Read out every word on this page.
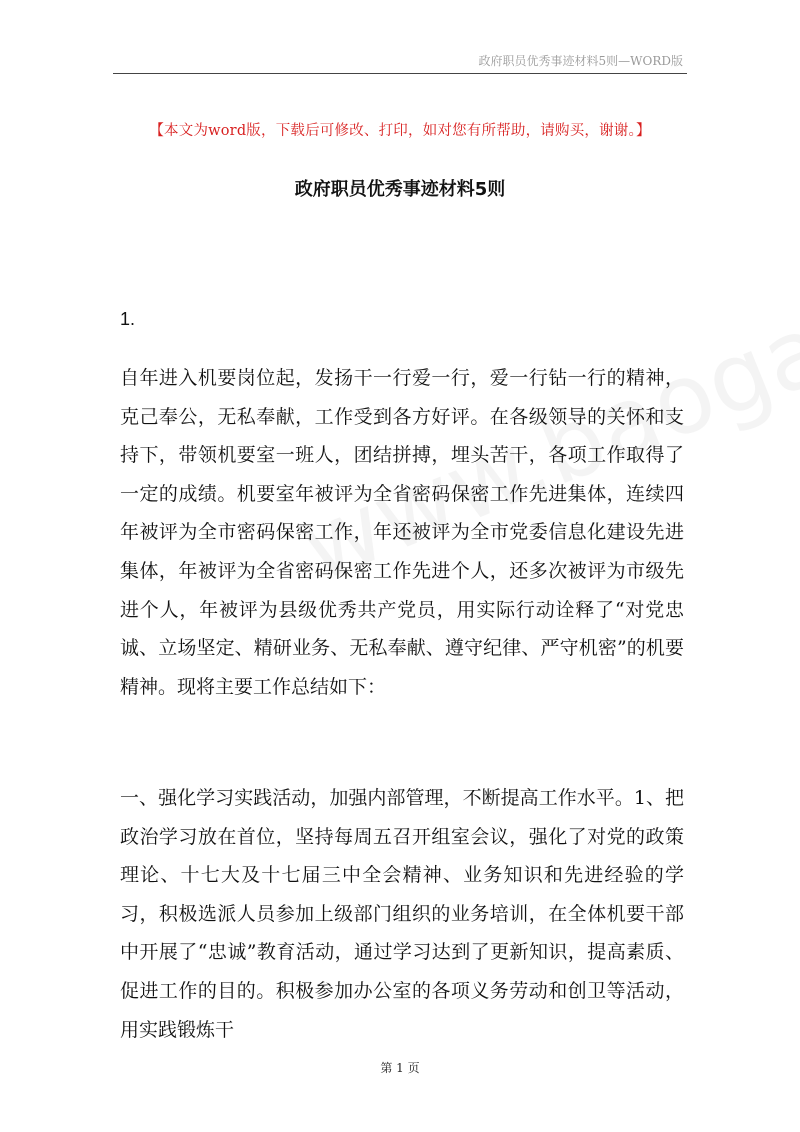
政府职员优秀事迹材料5则—WORD版
【本文为word版，下载后可修改、打印，如对您有所帮助，请购买，谢谢。】
政府职员优秀事迹材料5则
1.

自年进入机要岗位起，发扬干一行爱一行，爱一行钻一行的精神，克己奉公，无私奉献，工作受到各方好评。在各级领导的关怀和支持下，带领机要室一班人，团结拼搏，埋头苦干，各项工作取得了一定的成绩。机要室年被评为全省密码保密工作先进集体，连续四年被评为全市密码保密工作，年还被评为全市党委信息化建设先进集体，年被评为全省密码保密工作先进个人，还多次被评为市级先进个人，年被评为县级优秀共产党员，用实际行动诠释了“对党忠诚、立场坚定、精研业务、无私奉献、遵守纪律、严守机密”的机要精神。现将主要工作总结如下：

一、强化学习实践活动，加强内部管理，不断提高工作水平。1、把政治学习放在首位，坚持每周五召开组室会议，强化了对党的政策理论、十七大及十七届三中全会精神、业务知识和先进经验的学习，积极选派人员参加上级部门组织的业务培训，在全体机要干部中开展了“忠诚”教育活动，通过学习达到了更新知识，提高素质、促进工作的目的。积极参加办公室的各项义务劳动和创卫等活动，用实践锻炼干

第 1 页
